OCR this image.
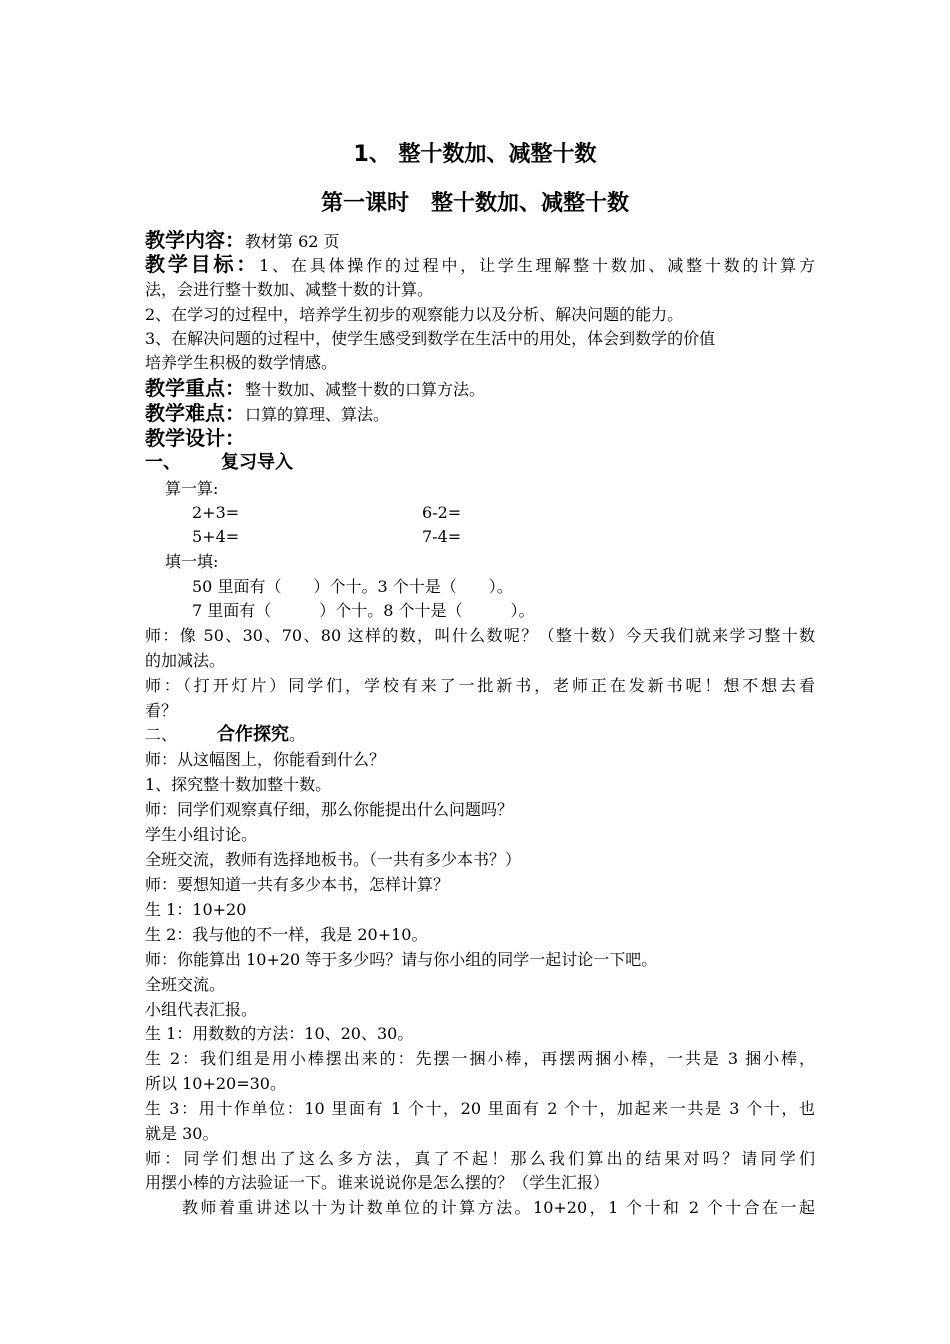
1、 整十数加、减整十数
第一课时　整十数加、减整十数
教学内容：教材第 62 页
教学目标：1、在具体操作的过程中，让学生理解整十数加、减整十数的计算方
法，会进行整十数加、减整十数的计算。
2、在学习的过程中，培养学生初步的观察能力以及分析、解决问题的能力。
3、在解决问题的过程中，使学生感受到数学在生活中的用处，体会到数学的价值
培养学生积极的数学情感。
教学重点：整十数加、减整十数的口算方法。
教学难点：口算的算理、算法。
教学设计：
一、 复习导入
算一算:
2+3=	6-2=
5+4=	7-4=
填一填:
50 里面有（　　）个十。3 个十是（　　）。
7 里面有（　　　）个十。8 个十是（　　　）。
师：像 50、30、70、80 这样的数，叫什么数呢？（整十数）今天我们就来学习整十数
的加减法。
师：（打开灯片）同学们，学校有来了一批新书，老师正在发新书呢！想不想去看
看？
二、 合作探究。
师：从这幅图上，你能看到什么？
1、探究整十数加整十数。
师：同学们观察真仔细，那么你能提出什么问题吗？
学生小组讨论。
全班交流，教师有选择地板书。（一共有多少本书？）
师：要想知道一共有多少本书，怎样计算？
生 1：10+20
生 2：我与他的不一样，我是 20+10。
师：你能算出 10+20 等于多少吗？请与你小组的同学一起讨论一下吧。
全班交流。
小组代表汇报。
生 1：用数数的方法：10、20、30。
生 2：我们组是用小棒摆出来的：先摆一捆小棒，再摆两捆小棒，一共是 3 捆小棒，
所以 10+20=30。
生 3：用十作单位：10 里面有 1 个十，20 里面有 2 个十，加起来一共是 3 个十，也
就是 30。
师：同学们想出了这么多方法，真了不起！那么我们算出的结果对吗？请同学们
用摆小棒的方法验证一下。谁来说说你是怎么摆的？（学生汇报）
　　教师着重讲述以十为计数单位的计算方法。10+20，1 个十和 2 个十合在一起
